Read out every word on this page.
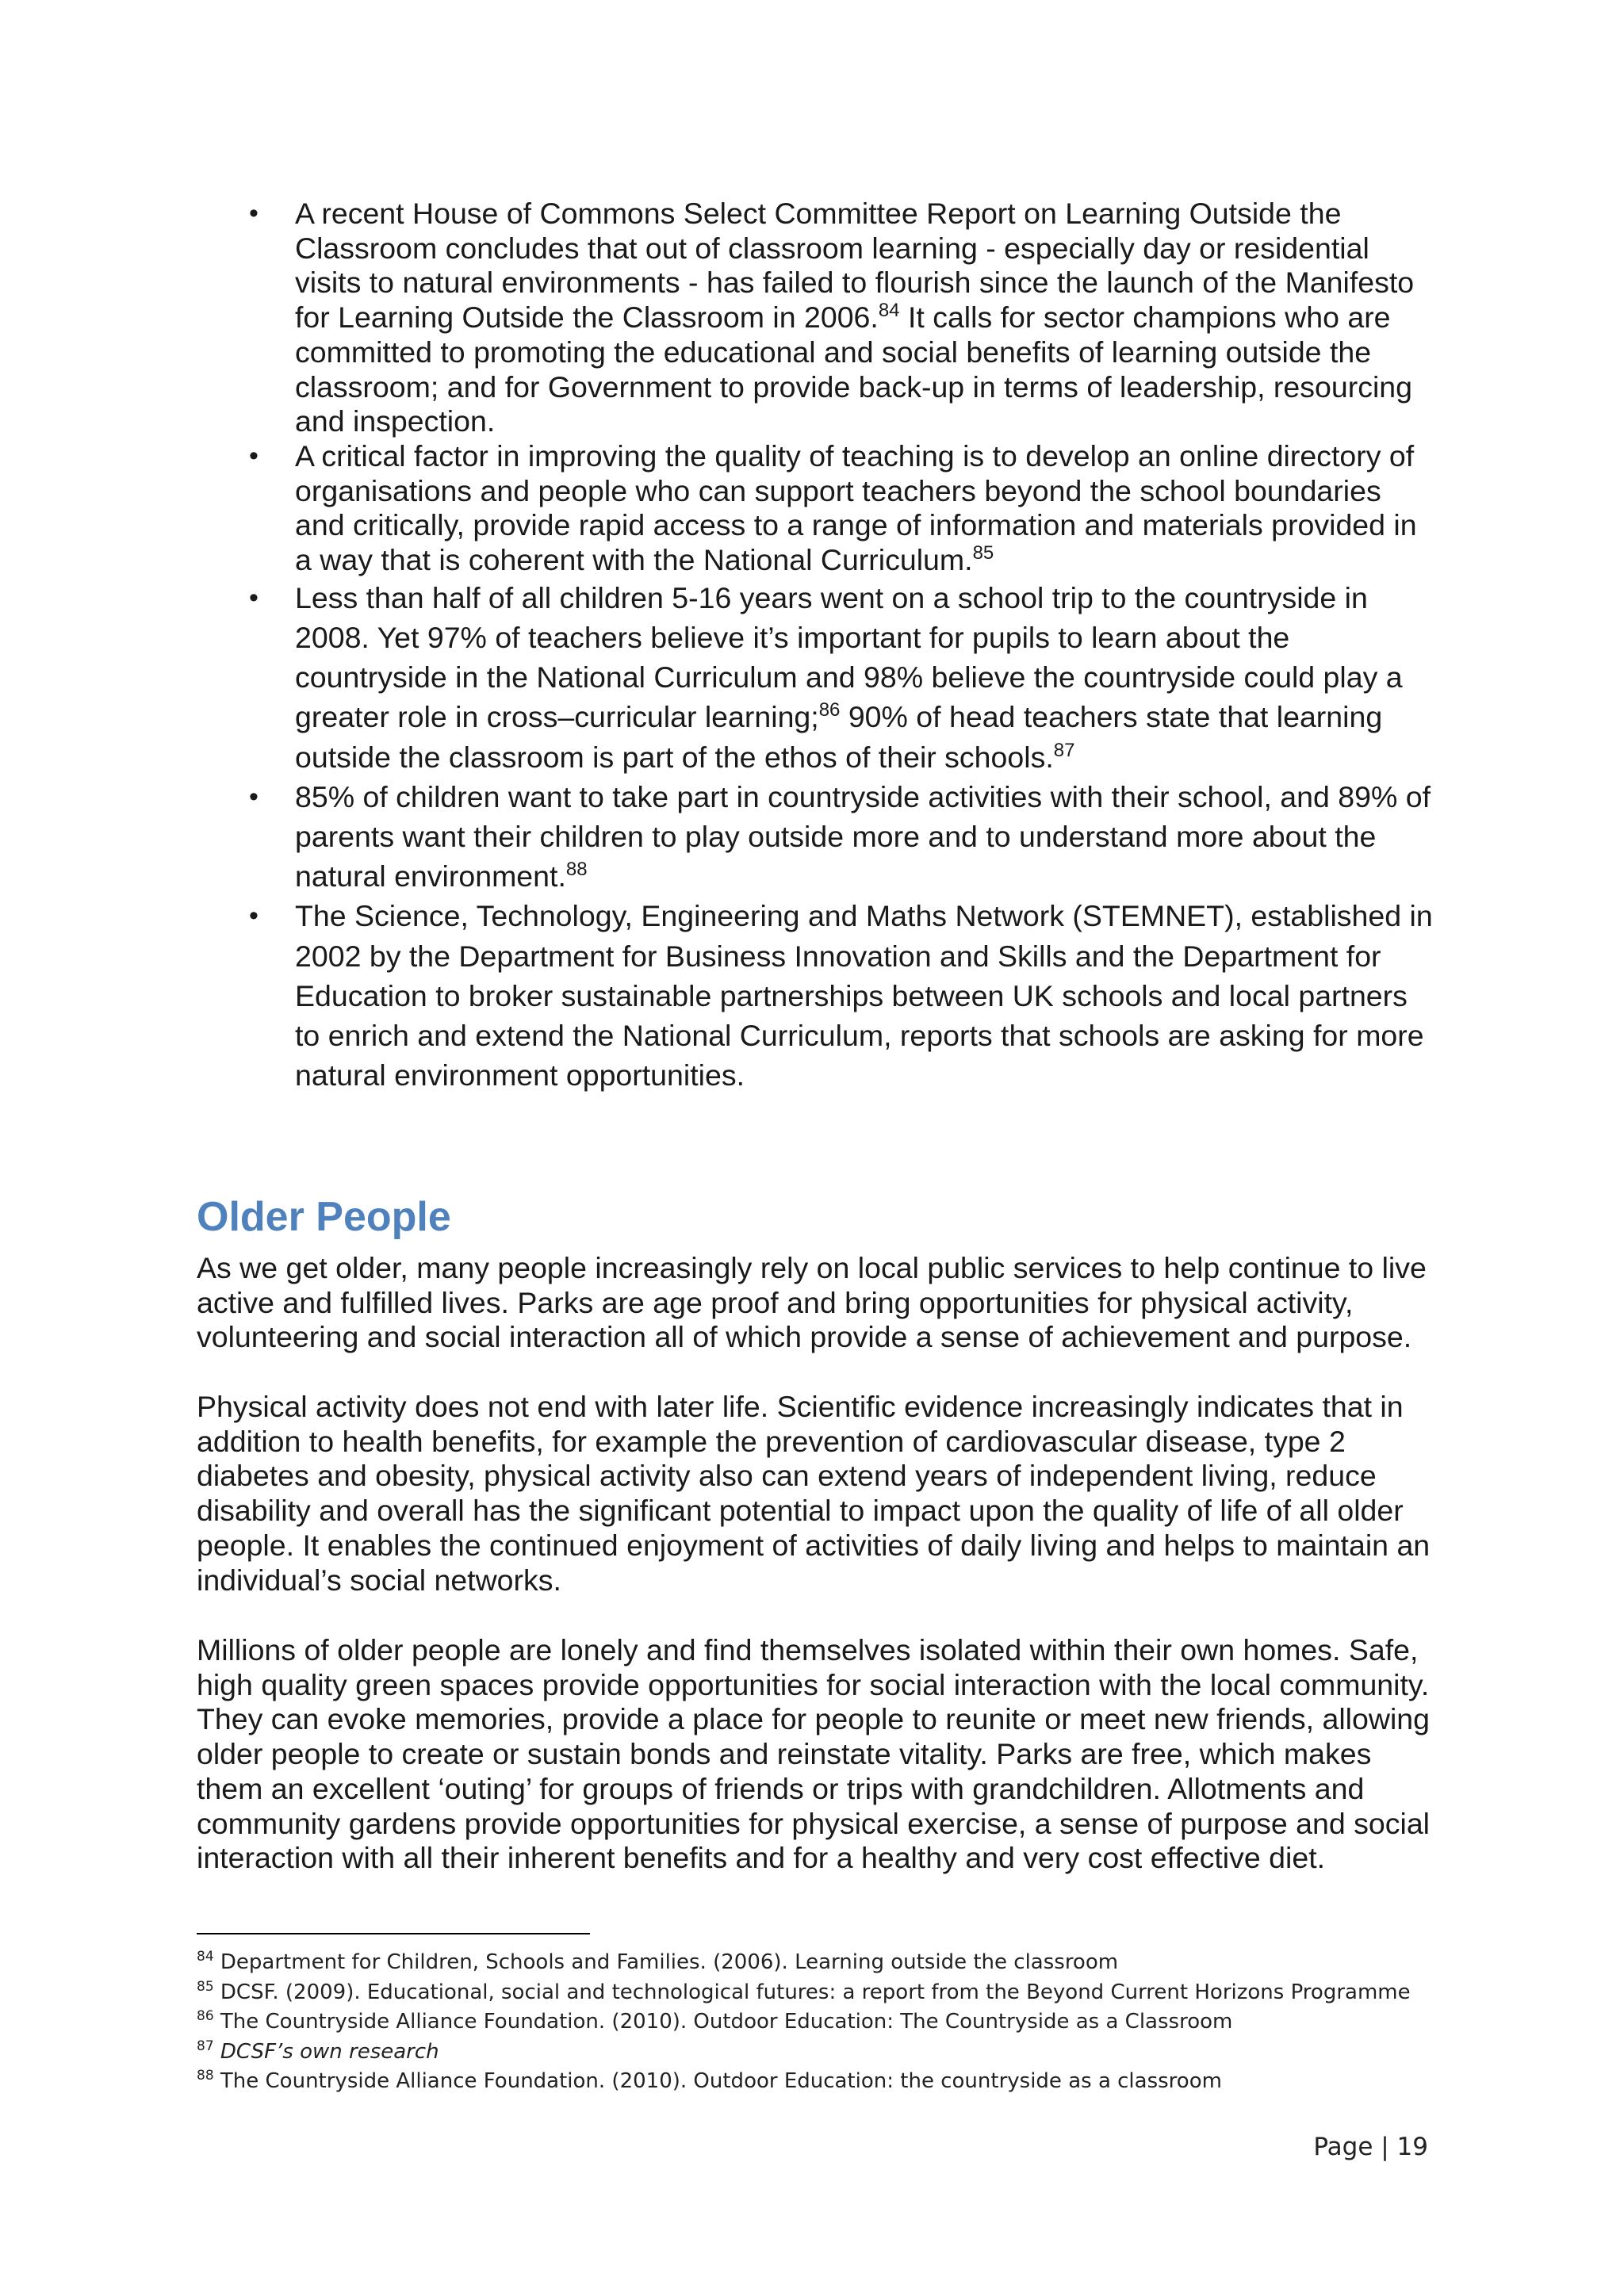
• A recent House of Commons Select Committee Report on Learning Outside the Classroom concludes that out of classroom learning - especially day or residential visits to natural environments - has failed to flourish since the launch of the Manifesto for Learning Outside the Classroom in 2006.84 It calls for sector champions who are committed to promoting the educational and social benefits of learning outside the classroom; and for Government to provide back-up in terms of leadership, resourcing and inspection.
• A critical factor in improving the quality of teaching is to develop an online directory of organisations and people who can support teachers beyond the school boundaries and critically, provide rapid access to a range of information and materials provided in a way that is coherent with the National Curriculum.$^{85}$
• Less than half of all children 5-16 years went on a school trip to the countryside in 2008. Yet 97% of teachers believe it’s important for pupils to learn about the countryside in the National Curriculum and 98% believe the countryside could play a greater role in cross–curricular learning;$^{86}$ 90% of head teachers state that learning outside the classroom is part of the ethos of their schools.$^{87}$
• 85% of children want to take part in countryside activities with their school, and 89% of parents want their children to play outside more and to understand more about the natural environment.$^{88}$
• The Science, Technology, Engineering and Maths Network (STEMNET), established in 2002 by the Department for Business Innovation and Skills and the Department for Education to broker sustainable partnerships between UK schools and local partners to enrich and extend the National Curriculum, reports that schools are asking for more natural environment opportunities.
Older People

As we get older, many people increasingly rely on local public services to help continue to live active and fulfilled lives. Parks are age proof and bring opportunities for physical activity, volunteering and social interaction all of which provide a sense of achievement and purpose.

Physical activity does not end with later life. Scientific evidence increasingly indicates that in addition to health benefits, for example the prevention of cardiovascular disease, type 2 diabetes and obesity, physical activity also can extend years of independent living, reduce disability and overall has the significant potential to impact upon the quality of life of all older people. It enables the continued enjoyment of activities of daily living and helps to maintain an individual’s social networks.

Millions of older people are lonely and find themselves isolated within their own homes. Safe, high quality green spaces provide opportunities for social interaction with the local community. They can evoke memories, provide a place for people to reunite or meet new friends, allowing older people to create or sustain bonds and reinstate vitality. Parks are free, which makes them an excellent ‘outing’ for groups of friends or trips with grandchildren. Allotments and community gardens provide opportunities for physical exercise, a sense of purpose and social interaction with all their inherent benefits and for a healthy and very cost effective diet.

$^{84}$ Department for Children, Schools and Families. (2006). Learning outside the classroom
$^{85}$ DCSF. (2009). Educational, social and technological futures: a report from the Beyond Current Horizons Programme
$^{86}$ The Countryside Alliance Foundation. (2010). Outdoor Education: The Countryside as a Classroom
$^{87}$ DCSF’s own research
$^{88}$ The Countryside Alliance Foundation. (2010). Outdoor Education: the countryside as a classroom
Page | 19
